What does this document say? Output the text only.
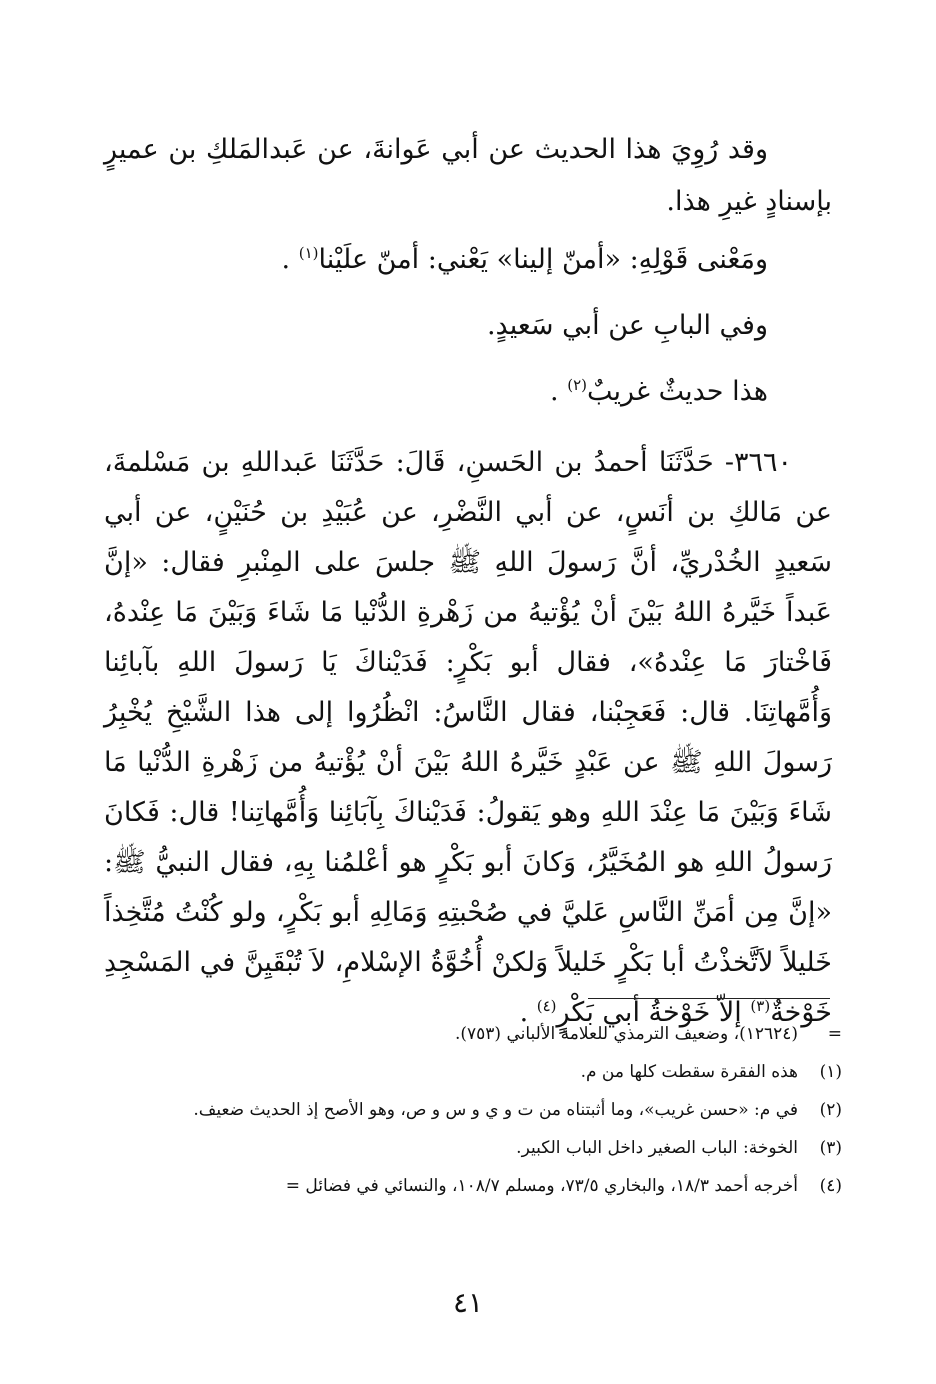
وقد رُوِيَ هذا الحديث عن أبي عَوانةَ، عن عَبدالمَلكِ بن عميرٍ بإسنادٍ غيرِ هذا.

ومَعْنى قَوْلِهِ: «أمنّ إلينا» يَعْني: أمنّ علَيْنا$^{(١)}$ .

وفي البابِ عن أبي سَعيدٍ.

هذا حديثٌ غريبٌ$^{(٢)}$ .

٣٦٦٠- حَدَّثَنَا أحمدُ بن الحَسنِ، قَالَ: حَدَّثَنَا عَبداللهِ بن مَسْلمةَ، عن مَالكِ بن أنَسٍ، عن أبي النَّضْرِ، عن عُبَيْدِ بن حُنَيْنٍ، عن أبي سَعيدٍ الخُدْريِّ، أنَّ رَسولَ اللهِ ﷺ جلسَ على المِنْبرِ فقال: «إنَّ عَبداً خَيَّرهُ اللهُ بَيْنَ أنْ يُؤْتيهُ من زَهْرةِ الدُّنْيا مَا شَاءَ وَبَيْنَ مَا عِنْدهُ، فَاخْتارَ مَا عِنْدهُ»، فقال أبو بَكْرٍ: فَدَيْناكَ يَا رَسولَ اللهِ بآبائِنا وَأُمَّهاتِنَا. قال: فَعَجِبْنا، فقال النَّاسُ: انْظُرُوا إلى هذا الشَّيْخِ يُخْبِرُ رَسولَ اللهِ ﷺ عن عَبْدٍ خَيَّرهُ اللهُ بَيْنَ أنْ يُؤْتيهُ من زَهْرةِ الدُّنْيا مَا شَاءَ وَبَيْنَ مَا عِنْدَ اللهِ وهو يَقولُ: فَدَيْناكَ بِآبَائِنا وَأُمَّهاتِنا! قال: فَكانَ رَسولُ اللهِ هو المُخَيَّرُ، وَكانَ أبو بَكْرٍ هو أعْلمُنا بِهِ، فقال النبيُّ ﷺ: «إنَّ مِن أمَنِّ النَّاسِ عَليَّ في صُحْبتِهِ وَمَالِهِ أبو بَكْرٍ، ولو كُنْتُ مُتَّخِذاً خَليلاً لاَتَّخذْتُ أبا بَكْرٍ خَليلاً وَلكنْ أُخُوَّةُ الإسْلامِ، لاَ تُبْقَيِنَّ في المَسْجِدِ خَوْخةٌ$^{(٣)}$ إلاّ خَوْخةُ أبي بَكْرٍ$^{(٤)}$ .

=
(١٢٦٢٤)، وضعيف الترمذي للعلامة الألباني (٧٥٣).
(١)
هذه الفقرة سقطت كلها من م.
(٢)
في م: «حسن غريب»، وما أثبتناه من ت و ي و س و ص، وهو الأصح إذ الحديث ضعيف.
(٣)
الخوخة: الباب الصغير داخل الباب الكبير.
(٤)
أخرجه أحمد ١٨/٣، والبخاري ٧٣/٥، ومسلم ١٠٨/٧، والنسائي في فضائل =
٤١
